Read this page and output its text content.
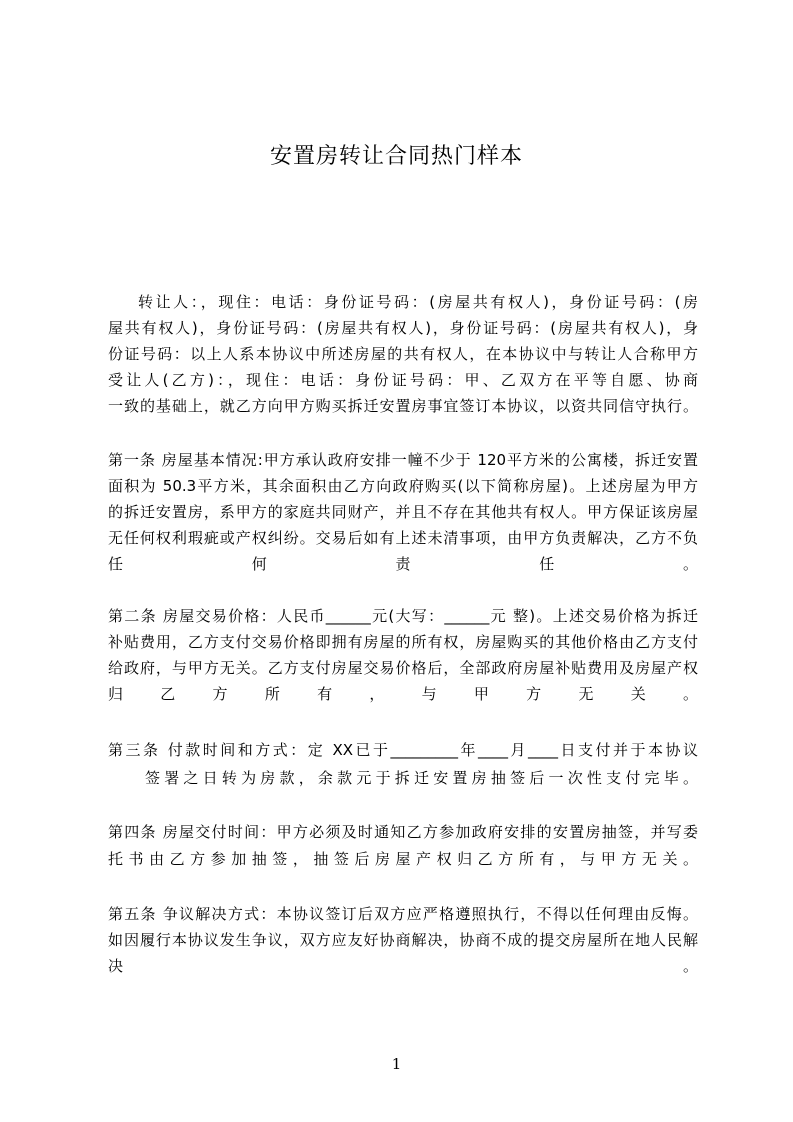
安置房转让合同热门样本
转让人：，现住：电话：身份证号码：(房屋共有权人)，身份证号码：(房
屋共有权人)，身份证号码：(房屋共有权人)，身份证号码：(房屋共有权人)，身
份证号码：以上人系本协议中所述房屋的共有权人，在本协议中与转让人合称甲方
受让人(乙方)：，现住：电话：身份证号码：甲、乙双方在平等自愿、协商
一致的基础上，就乙方向甲方购买拆迁安置房事宜签订本协议，以资共同信守执行。
第一条 房屋基本情况:甲方承认政府安排一幢不少于 120平方米的公寓楼，拆迁安置
面积为 50.3平方米，其余面积由乙方向政府购买(以下简称房屋)。上述房屋为甲方
的拆迁安置房，系甲方的家庭共同财产，并且不存在其他共有权人。甲方保证该房屋
无任何权利瑕疵或产权纠纷。交易后如有上述未清事项，由甲方负责解决，乙方不负
任何责任。
第二条 房屋交易价格：人民币______元(大写：______元 整)。上述交易价格为拆迁
补贴费用，乙方支付交易价格即拥有房屋的所有权，房屋购买的其他价格由乙方支付
给政府，与甲方无关。乙方支付房屋交易价格后，全部政府房屋补贴费用及房屋产权
归乙方所有，与甲方无关。
第三条 付款时间和方式：定 XX已于_________年____月____日支付并于本协议
签署之日转为房款，余款元于拆迁安置房抽签后一次性支付完毕。
第四条 房屋交付时间：甲方必须及时通知乙方参加政府安排的安置房抽签，并写委
托书由乙方参加抽签，抽签后房屋产权归乙方所有，与甲方无关。
第五条 争议解决方式：本协议签订后双方应严格遵照执行，不得以任何理由反悔。
如因履行本协议发生争议，双方应友好协商解决，协商不成的提交房屋所在地人民解
决。
1
